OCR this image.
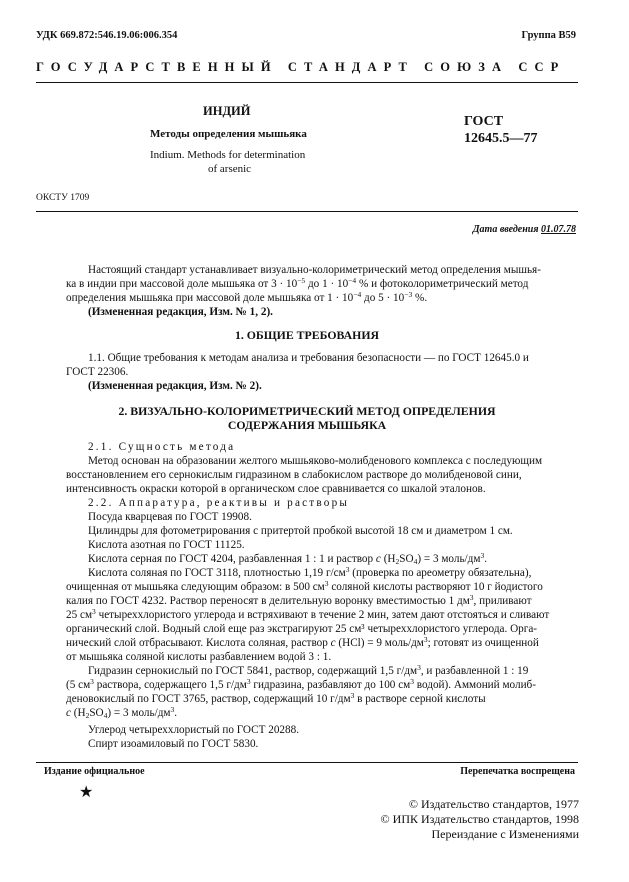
УДК 669.872:546.19.06:006.354	Группа В59
ГОСУДАРСТВЕННЫЙ СТАНДАРТ СОЮЗА ССР
ИНДИЙ
Методы определения мышьяка
Indium. Methods for determination
of arsenic
ГОСТ
12645.5—77
ОКСТУ 1709
Дата введения 01.07.78

Настоящий стандарт устанавливает визуально-колориметрический метод определения мышья-

ка в индии при массовой доле мышьяка от $3 \cdot 10^{-5}$ до $1 \cdot 10^{-4}$ % и фотоколориметрический метод

определения мышьяка при массовой доле мышьяка от $1 \cdot 10^{-4}$ до $5 \cdot 10^{-3}$ %.

(Измененная редакция, Изм. № 1, 2).

1. ОБЩИЕ ТРЕБОВАНИЯ

1.1. Общие требования к методам анализа и требования безопасности — по ГОСТ 12645.0 и

ГОСТ 22306.

(Измененная редакция, Изм. № 2).

2. ВИЗУАЛЬНО-КОЛОРИМЕТРИЧЕСКИЙ МЕТОД ОПРЕДЕЛЕНИЯ
СОДЕРЖАНИЯ МЫШЬЯКА

2.1. Сущность метода

Метод основан на образовании желтого мышьяково-молибденового комплекса с последующим

восстановлением его сернокислым гидразином в слабокислом растворе до молибденовой сини,

интенсивность окраски которой в органическом слое сравнивается со шкалой эталонов.

2.2. Аппаратура, реактивы и растворы

Посуда кварцевая по ГОСТ 19908.

Цилиндры для фотометрирования с притертой пробкой высотой 18 см и диаметром 1 см.

Кислота азотная по ГОСТ 11125.

Кислота серная по ГОСТ 4204, разбавленная 1 : 1 и раствор c $(H_2SO_4) = 3$ моль/$дм^3$.

Кислота соляная по ГОСТ 3118, плотностью 1,19 $г/см^3$ (проверка по ареометру обязательна),

очищенная от мышьяка следующим образом: в 500 $см^3$ соляной кислоты растворяют 10 г йодистого

калия по ГОСТ 4232. Раствор переносят в делительную воронку вместимостью 1 $дм^3$, приливают

25 $см^3$ четыреххлористого углерода и встряхивают в течение 2 мин, затем дают отстояться и сливают

органический слой. Водный слой еще раз экстрагируют 25 см³ четыреххлористого углерода. Орга-

нический слой отбрасывают. Кислота соляная, раствор c (HCl) = 9 моль/$дм^3$; готовят из очищенной

от мышьяка соляной кислоты разбавлением водой 3 : 1.

Гидразин сернокислый по ГОСТ 5841, раствор, содержащий 1,5 $г/дм^3$, и разбавленной 1 : 19

(5 $см^3$ раствора, содержащего 1,5 $г/дм^3$ гидразина, разбавляют до 100 $см^3$ водой). Аммоний молиб-

деновокислый по ГОСТ 3765, раствор, содержащий 10 $г/дм^3$ в растворе серной кислоты

c $(H_2SO_4) = 3$ моль/$дм^3$.

Углерод четыреххлористый по ГОСТ 20288.

Спирт изоамиловый по ГОСТ 5830.

Издание официальное	Перепечатка воспрещена
★
© Издательство стандартов, 1977
© ИПК Издательство стандартов, 1998
Переиздание с Изменениями
